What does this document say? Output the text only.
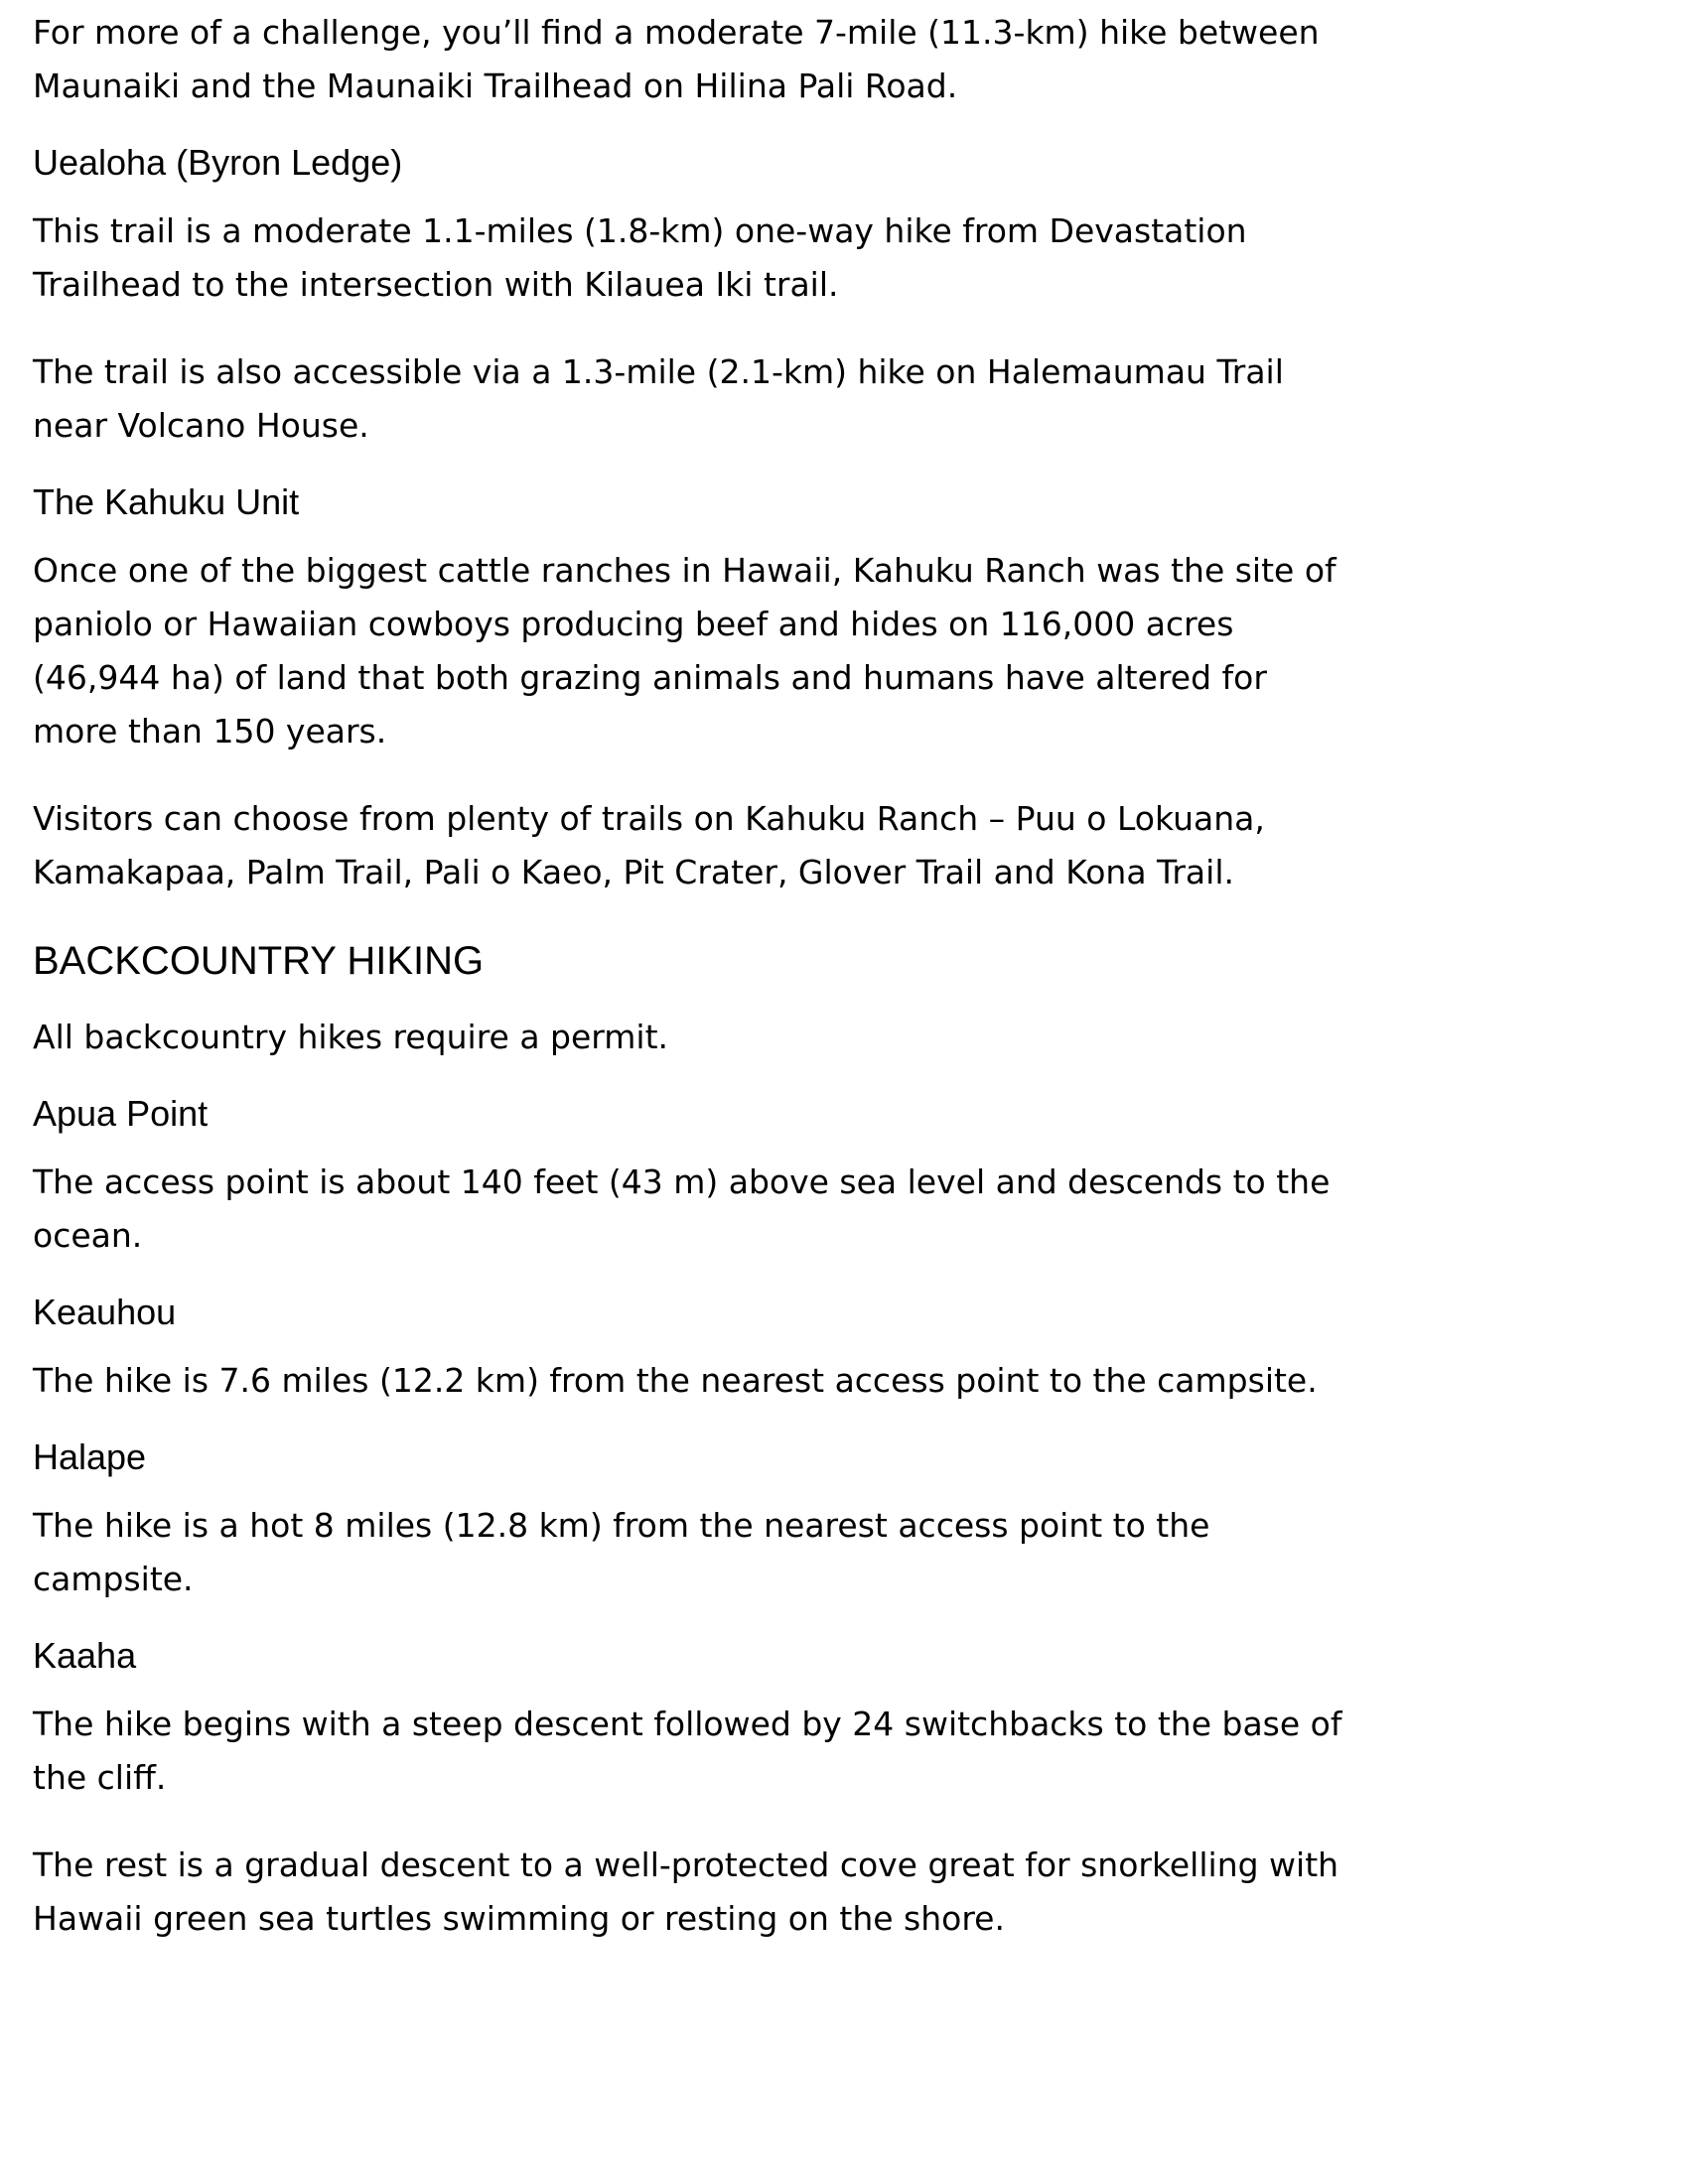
For more of a challenge, you’ll find a moderate 7-mile (11.3-km) hike between Maunaiki and the Maunaiki Trailhead on Hilina Pali Road.

Uealoha (Byron Ledge)

This trail is a moderate 1.1-miles (1.8-km) one-way hike from Devastation Trailhead to the intersection with Kilauea Iki trail.

The trail is also accessible via a 1.3-mile (2.1-km) hike on Halemaumau Trail near Volcano House.

The Kahuku Unit

Once one of the biggest cattle ranches in Hawaii, Kahuku Ranch was the site of paniolo or Hawaiian cowboys producing beef and hides on 116,000 acres (46,944 ha) of land that both grazing animals and humans have altered for more than 150 years.

Visitors can choose from plenty of trails on Kahuku Ranch – Puu o Lokuana, Kamakapaa, Palm Trail, Pali o Kaeo, Pit Crater, Glover Trail and Kona Trail.

BACKCOUNTRY HIKING

All backcountry hikes require a permit.

Apua Point

The access point is about 140 feet (43 m) above sea level and descends to the ocean.

Keauhou

The hike is 7.6 miles (12.2 km) from the nearest access point to the campsite.

Halape

The hike is a hot 8 miles (12.8 km) from the nearest access point to the campsite.

Kaaha

The hike begins with a steep descent followed by 24 switchbacks to the base of the cliff.

The rest is a gradual descent to a well-protected cove great for snorkelling with Hawaii green sea turtles swimming or resting on the shore.
